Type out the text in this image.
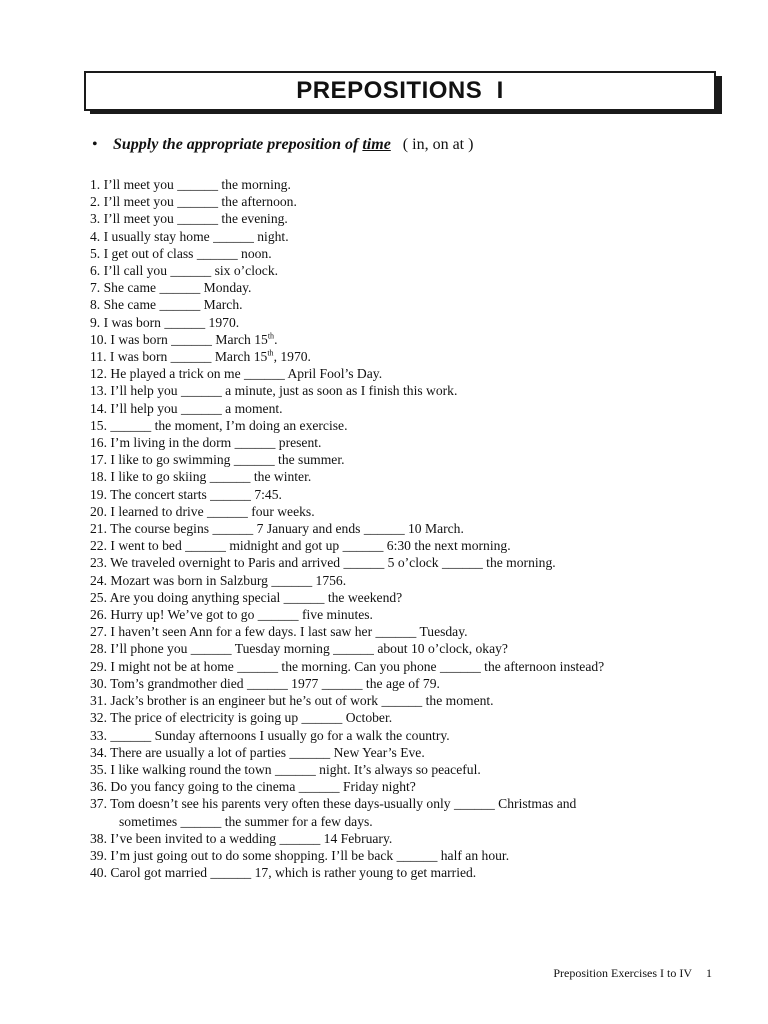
PREPOSITIONS  I
• Supply the appropriate preposition of time ( in, on at )
1. I’ll meet you ______ the morning.
2. I’ll meet you ______ the afternoon.
3. I’ll meet you ______ the evening.
4. I usually stay home ______ night.
5. I get out of class ______ noon.
6. I’ll call you ______ six o’clock.
7. She came ______ Monday.
8. She came ______ March.
9. I was born ______ 1970.
10. I was born ______ March 15th.
11. I was born ______ March 15th, 1970.
12. He played a trick on me ______ April Fool’s Day.
13. I’ll help you ______ a minute, just as soon as I finish this work.
14. I’ll help you ______ a moment.
15. ______ the moment, I’m doing an exercise.
16. I’m living in the dorm ______ present.
17. I like to go swimming ______ the summer.
18. I like to go skiing ______ the winter.
19. The concert starts ______ 7:45.
20. I learned to drive ______ four weeks.
21. The course begins ______ 7 January and ends ______ 10 March.
22. I went to bed ______ midnight and got up ______ 6:30 the next morning.
23. We traveled overnight to Paris and arrived ______ 5 o’clock ______ the morning.
24. Mozart was born in Salzburg ______ 1756.
25. Are you doing anything special ______ the weekend?
26. Hurry up! We’ve got to go ______ five minutes.
27. I haven’t seen Ann for a few days. I last saw her ______ Tuesday.
28. I’ll phone you ______ Tuesday morning ______ about 10 o’clock, okay?
29. I might not be at home ______ the morning. Can you phone ______ the afternoon instead?
30. Tom’s grandmother died ______ 1977 ______ the age of 79.
31. Jack’s brother is an engineer but he’s out of work ______ the moment.
32. The price of electricity is going up ______ October.
33. ______ Sunday afternoons I usually go for a walk the country.
34. There are usually a lot of parties ______ New Year’s Eve.
35. I like walking round the town ______ night. It’s always so peaceful.
36. Do you fancy going to the cinema ______ Friday night?
37. Tom doesn’t see his parents very often these days-usually only ______ Christmas and
sometimes ______ the summer for a few days.
38. I’ve been invited to a wedding ______ 14 February.
39. I’m just going out to do some shopping. I’ll be back ______ half an hour.
40. Carol got married ______ 17, which is rather young to get married.
Preposition Exercises I to IV 1
